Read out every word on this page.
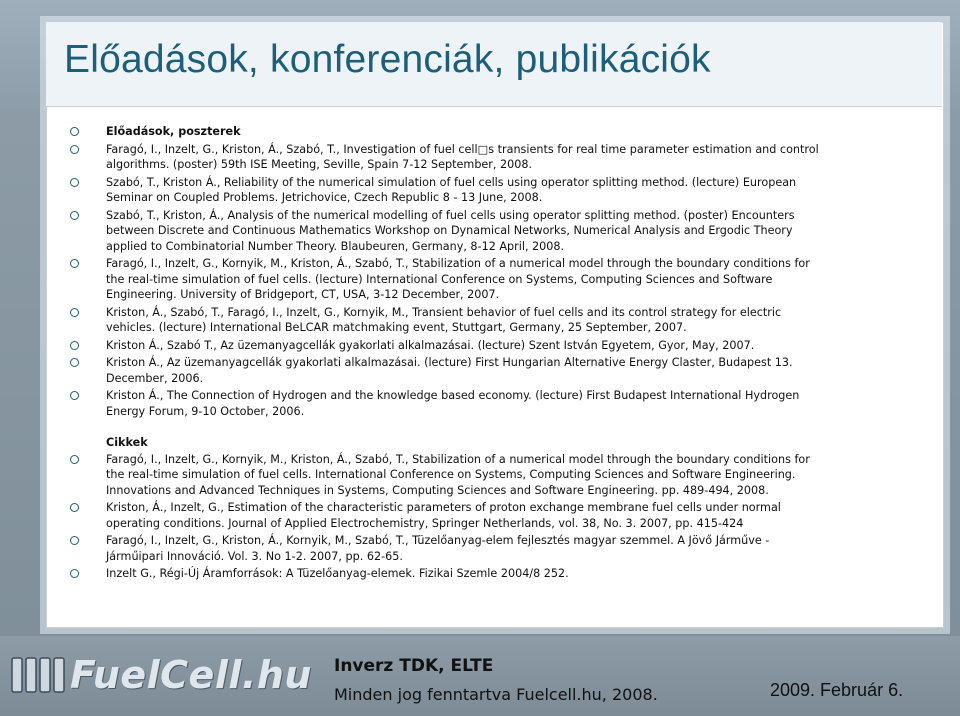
Előadások, konferenciák, publikációk
Előadások, poszterek
Faragó, I., Inzelt, G., Kriston, Á., Szabó, T., Investigation of fuel cell□s transients for real time parameter estimation and control algorithms. (poster) 59th ISE Meeting, Seville, Spain 7-12 September, 2008.
Szabó, T., Kriston Á., Reliability of the numerical simulation of fuel cells using operator splitting method. (lecture) European Seminar on Coupled Problems. Jetrichovice, Czech Republic 8 - 13 June, 2008.
Szabó, T., Kriston, Á., Analysis of the numerical modelling of fuel cells using operator splitting method. (poster) Encounters between Discrete and Continuous Mathematics Workshop on Dynamical Networks, Numerical Analysis and Ergodic Theory applied to Combinatorial Number Theory. Blaubeuren, Germany, 8-12 April, 2008.
Faragó, I., Inzelt, G., Kornyik, M., Kriston, Á., Szabó, T., Stabilization of a numerical model through the boundary conditions for the real-time simulation of fuel cells. (lecture) International Conference on Systems, Computing Sciences and Software Engineering. University of Bridgeport, CT, USA, 3-12 December, 2007.
Kriston, Á., Szabó, T., Faragó, I., Inzelt, G., Kornyik, M., Transient behavior of fuel cells and its control strategy for electric vehicles. (lecture) International BeLCAR matchmaking event, Stuttgart, Germany, 25 September, 2007.
Kriston Á., Szabó T., Az üzemanyagcellák gyakorlati alkalmazásai. (lecture) Szent István Egyetem, Gyor, May, 2007.
Kriston Á., Az üzemanyagcellák gyakorlati alkalmazásai. (lecture) First Hungarian Alternative Energy Claster, Budapest 13. December, 2006.
Kriston Á., The Connection of Hydrogen and the knowledge based economy. (lecture) First Budapest International Hydrogen Energy Forum, 9-10 October, 2006.
Cikkek
Faragó, I., Inzelt, G., Kornyik, M., Kriston, Á., Szabó, T., Stabilization of a numerical model through the boundary conditions for the real-time simulation of fuel cells. International Conference on Systems, Computing Sciences and Software Engineering. Innovations and Advanced Techniques in Systems, Computing Sciences and Software Engineering. pp. 489-494, 2008.
Kriston, Á., Inzelt, G., Estimation of the characteristic parameters of proton exchange membrane fuel cells under normal operating conditions. Journal of Applied Electrochemistry, Springer Netherlands, vol. 38, No. 3. 2007, pp. 415-424
Faragó, I., Inzelt, G., Kriston, Á., Kornyik, M., Szabó, T., Tüzelőanyag-elem fejlesztés magyar szemmel. A Jövő Járműve - Járműipari Innováció. Vol. 3. No 1-2. 2007, pp. 62-65.
Inzelt G., Régi-Új Áramforrások: A Tüzelőanyag-elemek. Fizikai Szemle 2004/8 252.
FuelCell.hu Inverz TDK, ELTE
Minden jog fenntartva Fuelcell.hu, 2008.	2009. Február 6.
